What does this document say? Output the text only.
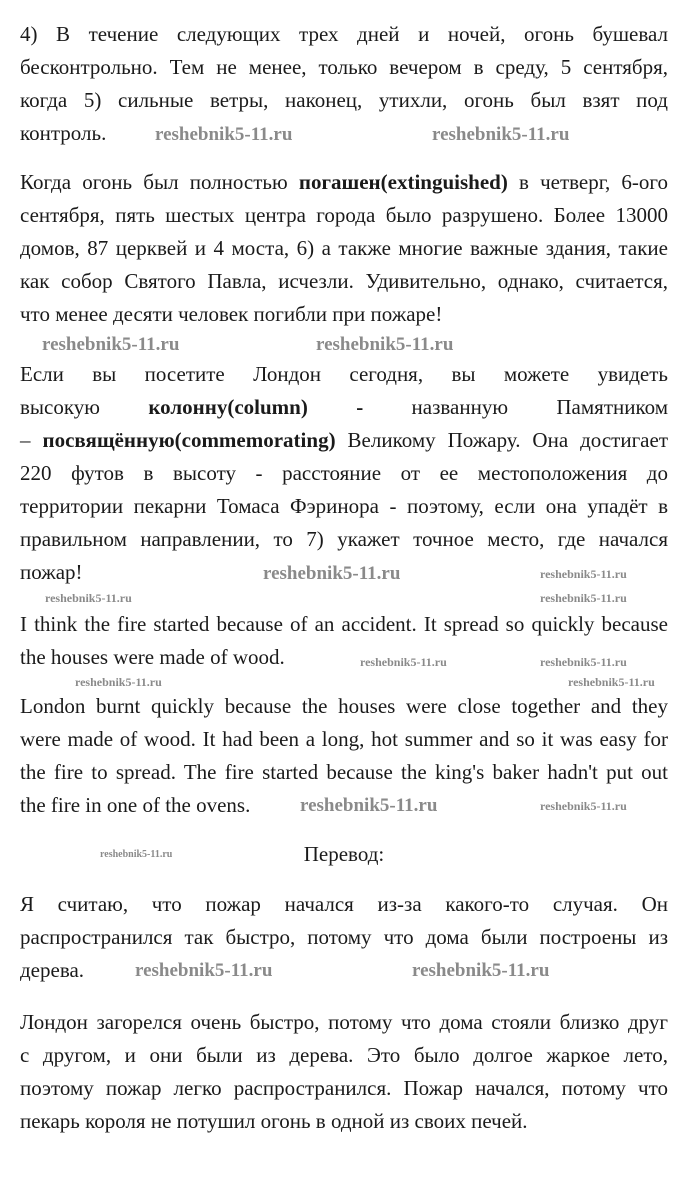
4) В течение следующих трех дней и ночей, огонь бушевал
бесконтрольно. Тем не менее, только вечером в среду, 5 сентября,
когда 5) сильные ветры, наконец, утихли, огонь был взят под
контроль.
Когда огонь был полностью погашен(extinguished) в четверг, 6-ого
сентября, пять шестых центра города было разрушено. Более 13000
домов, 87 церквей и 4 моста, 6) а также многие важные здания, такие
как собор Святого Павла, исчезли. Удивительно, однако, считается,
что менее десяти человек погибли при пожаре!
Если вы посетите Лондон сегодня, вы можете увидеть
высокую колонну(column) - названную Памятником
– посвящённую(commemorating) Великому Пожару. Она достигает
220 футов в высоту - расстояние от ее местоположения до
территории пекарни Томаса Фэринора - поэтому, если она упадёт в
правильном направлении, то 7) укажет точное место, где начался
пожар!
I think the fire started because of an accident. It spread so quickly because
the houses were made of wood.
London burnt quickly because the houses were close together and they
were made of wood. It had been a long, hot summer and so it was easy for
the fire to spread. The fire started because the king's baker hadn't put out
the fire in one of the ovens.
Перевод:
Я считаю, что пожар начался из-за какого-то случая. Он
распространился так быстро, потому что дома были построены из
дерева.
Лондон загорелся очень быстро, потому что дома стояли близко друг
с другом, и они были из дерева. Это было долгое жаркое лето,
поэтому пожар легко распространился. Пожар начался, потому что
пекарь короля не потушил огонь в одной из своих печей.
reshebnik5-11.ru	reshebnik5-11.ru
reshebnik5-11.ru	reshebnik5-11.ru
reshebnik5-11.ru
reshebnik5-11.ru
reshebnik5-11.ru	reshebnik5-11.ru
reshebnik5-11.ru	reshebnik5-11.ru
reshebnik5-11.ru	reshebnik5-11.ru
reshebnik5-11.ru
reshebnik5-11.ru
reshebnik5-11.ru
reshebnik5-11.ru	reshebnik5-11.ru
